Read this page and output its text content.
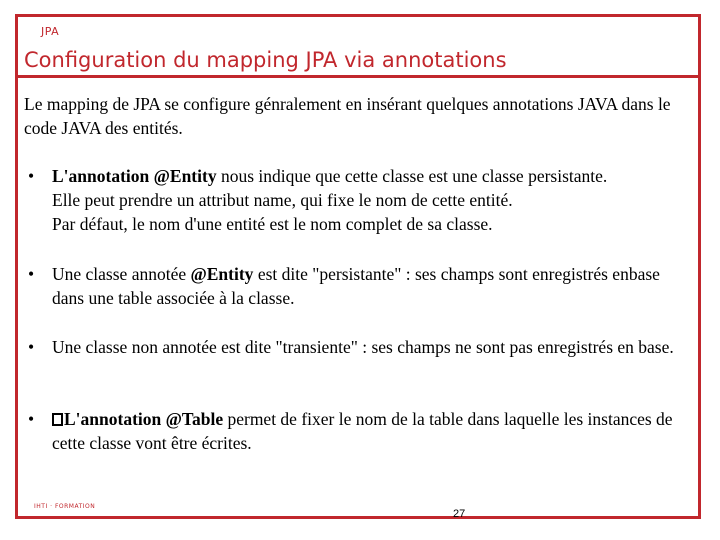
JPA
Configuration du mapping JPA via annotations
Le mapping de JPA se configure génralement en insérant quelques annotations JAVA dans le code JAVA des entités.
• L'annotation @Entity nous indique que cette classe est une classe persistante.
Elle peut prendre un attribut name, qui fixe le nom de cette entité.
Par défaut, le nom d'une entité est le nom complet de sa classe.
• Une classe annotée @Entity est dite "persistante" : ses champs sont enregistrés enbase dans une table associée à la classe.
• Une classe non annotée est dite "transiente" : ses champs ne sont pas enregistrés en base.
•	L'annotation @Table permet de fixer le nom de la table dans laquelle les instances de cette classe vont être écrites.
IHTI · FORMATION
27
